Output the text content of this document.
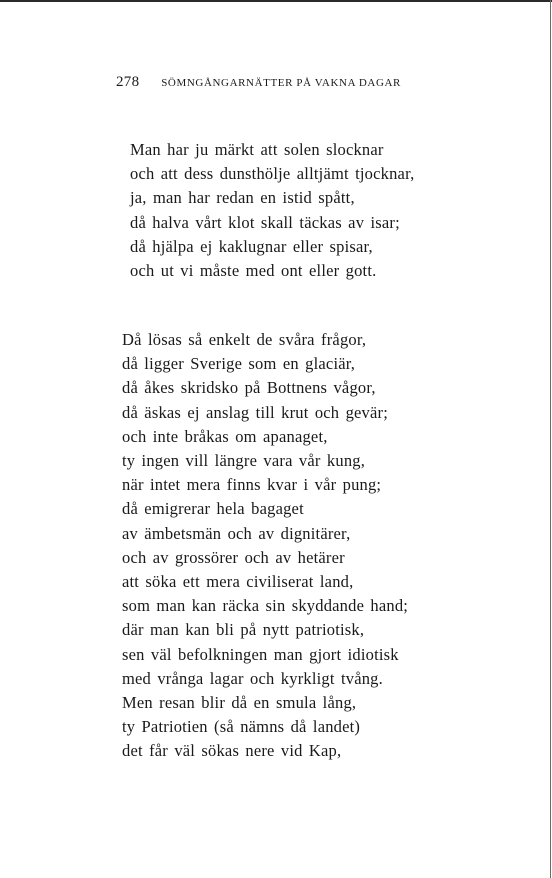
278 SÖMNGÅNGARNÄTTER PÅ VAKNA DAGAR
Man har ju märkt att solen slocknar
och att dess dunsthölje alltjämt tjocknar,
ja, man har redan en istid spått,
då halva vårt klot skall täckas av isar;
då hjälpa ej kaklugnar eller spisar,
och ut vi måste med ont eller gott.
Då lösas så enkelt de svåra frågor,
då ligger Sverige som en glaciär,
då åkes skridsko på Bottnens vågor,
då äskas ej anslag till krut och gevär;
och inte bråkas om apanaget,
ty ingen vill längre vara vår kung,
när intet mera finns kvar i vår pung;
då emigrerar hela bagaget
av ämbetsmän och av dignitärer,
och av grossörer och av hetärer
att söka ett mera civiliserat land,
som man kan räcka sin skyddande hand;
där man kan bli på nytt patriotisk,
sen väl befolkningen man gjort idiotisk
med vrånga lagar och kyrkligt tvång.
Men resan blir då en smula lång,
ty Patriotien (så nämns då landet)
det får väl sökas nere vid Kap,
